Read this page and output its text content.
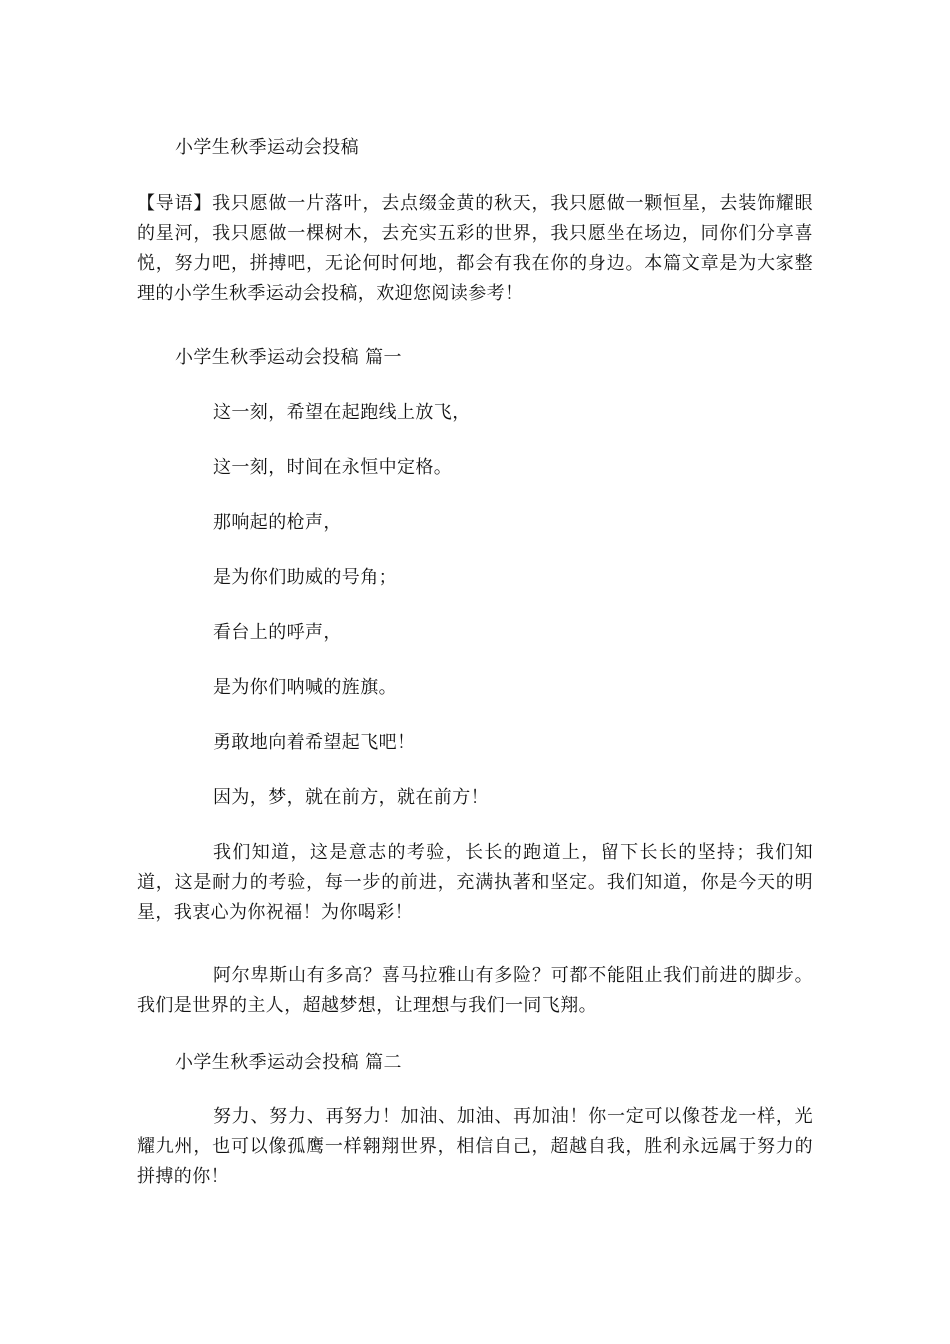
小学生秋季运动会投稿
【导语】我只愿做一片落叶，去点缀金黄的秋天，我只愿做一颗恒星，去装饰耀眼的星河，我只愿做一棵树木，去充实五彩的世界，我只愿坐在场边，同你们分享喜悦，努力吧，拼搏吧，无论何时何地，都会有我在你的身边。本篇文章是为大家整理的小学生秋季运动会投稿，欢迎您阅读参考！
小学生秋季运动会投稿 篇一
这一刻，希望在起跑线上放飞，
这一刻，时间在永恒中定格。
那响起的枪声，
是为你们助威的号角；
看台上的呼声，
是为你们呐喊的旌旗。
勇敢地向着希望起飞吧！
因为，梦，就在前方，就在前方！
我们知道，这是意志的考验，长长的跑道上，留下长长的坚持；我们知道，这是耐力的考验，每一步的前进，充满执著和坚定。我们知道，你是今天的明星，我衷心为你祝福！为你喝彩！
阿尔卑斯山有多高？喜马拉雅山有多险？可都不能阻止我们前进的脚步。我们是世界的主人，超越梦想，让理想与我们一同飞翔。
小学生秋季运动会投稿 篇二
努力、努力、再努力！加油、加油、再加油！你一定可以像苍龙一样，光耀九州，也可以像孤鹰一样翱翔世界，相信自己，超越自我，胜利永远属于努力的拼搏的你！
